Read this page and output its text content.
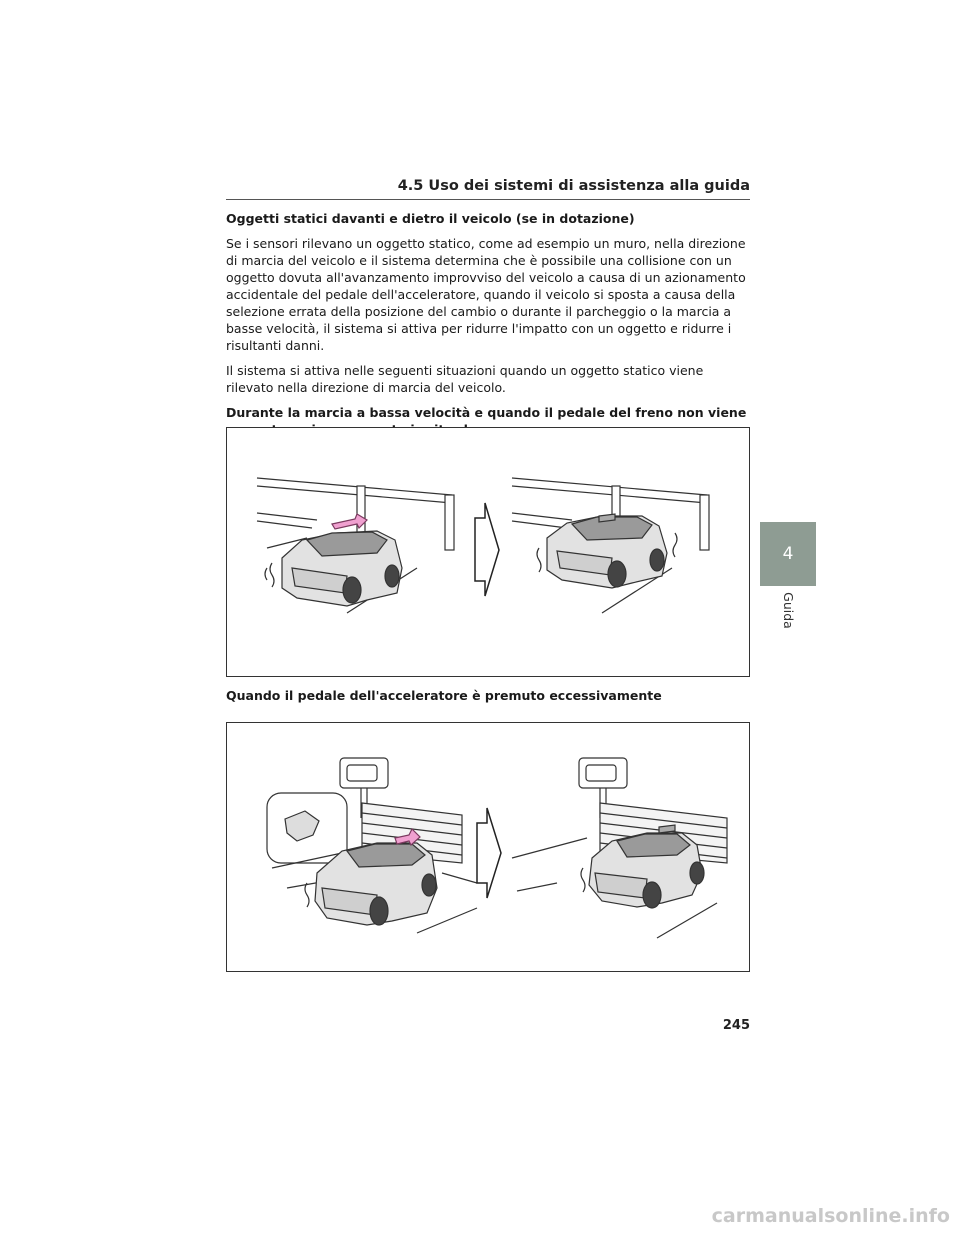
4.5 Uso dei sistemi di assistenza alla guida
Oggetti statici davanti e dietro il veicolo (se in dotazione)
Se i sensori rilevano un oggetto statico, come ad esempio un muro, nella direzione di marcia del veicolo e il sistema determina che è possibile una collisione con un oggetto dovuta all'avanzamento improvviso del veicolo a causa di un azionamento accidentale del pedale dell'acceleratore, quando il veicolo si sposta a causa della selezione errata della posizione del cambio o durante il parcheggio o la marcia a basse velocità, il sistema si attiva per ridurre l'impatto con un oggetto e ridurre i risultanti danni.
Il sistema si attiva nelle seguenti situazioni quando un oggetto statico viene rilevato nella direzione di marcia del veicolo.
Durante la marcia a bassa velocità e quando il pedale del freno non viene
Quando il pedale dell'acceleratore è premuto eccessivamente
4
Guida
245
carmanualsonline.info
